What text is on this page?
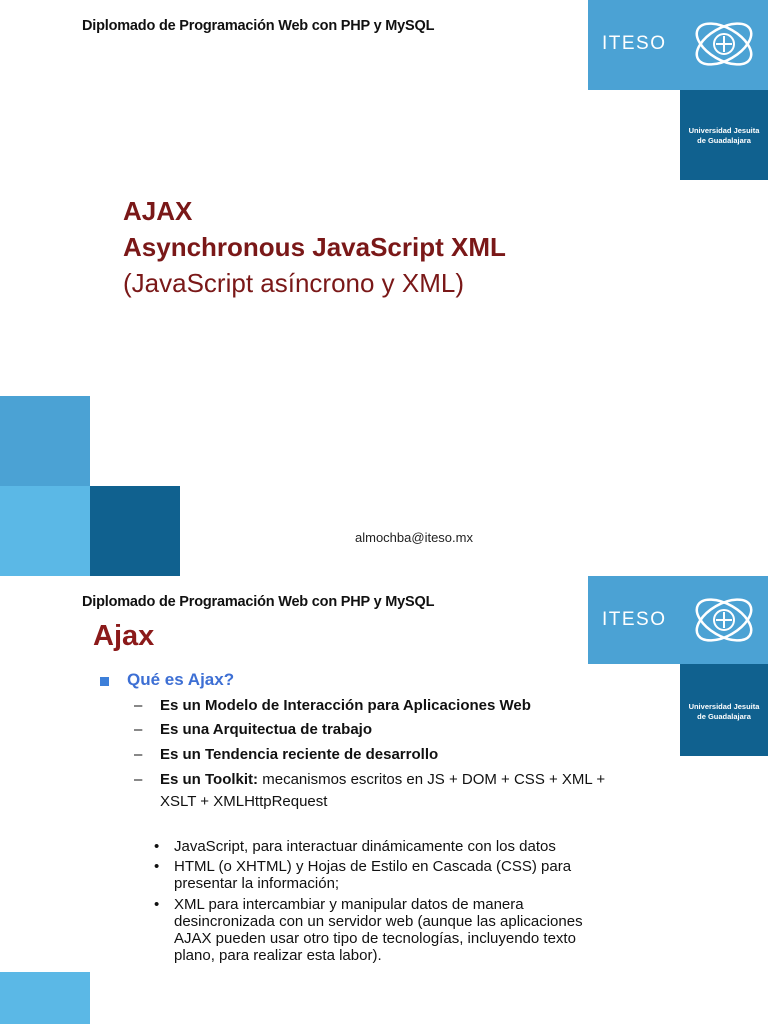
Diplomado de Programación Web con PHP y MySQL
ITESO
Universidad Jesuita
de Guadalajara
AJAX
Asynchronous JavaScript XML
(JavaScript asíncrono y XML)
almochba@iteso.mx
Diplomado de Programación Web con PHP y MySQL
ITESO
Universidad Jesuita
de Guadalajara
Ajax
Qué es Ajax?
– Es un Modelo de Interacción para Aplicaciones Web
– Es una Arquitectua de trabajo
– Es un Tendencia reciente de desarrollo
– Es un Toolkit: mecanismos escritos en JS + DOM + CSS + XML +
XSLT + XMLHttpRequest
• JavaScript, para interactuar dinámicamente con los datos
• HTML (o XHTML) y Hojas de Estilo en Cascada (CSS) para
presentar la información;
• XML para intercambiar y manipular datos de manera
desincronizada con un servidor web (aunque las aplicaciones
AJAX pueden usar otro tipo de tecnologías, incluyendo texto
plano, para realizar esta labor).
